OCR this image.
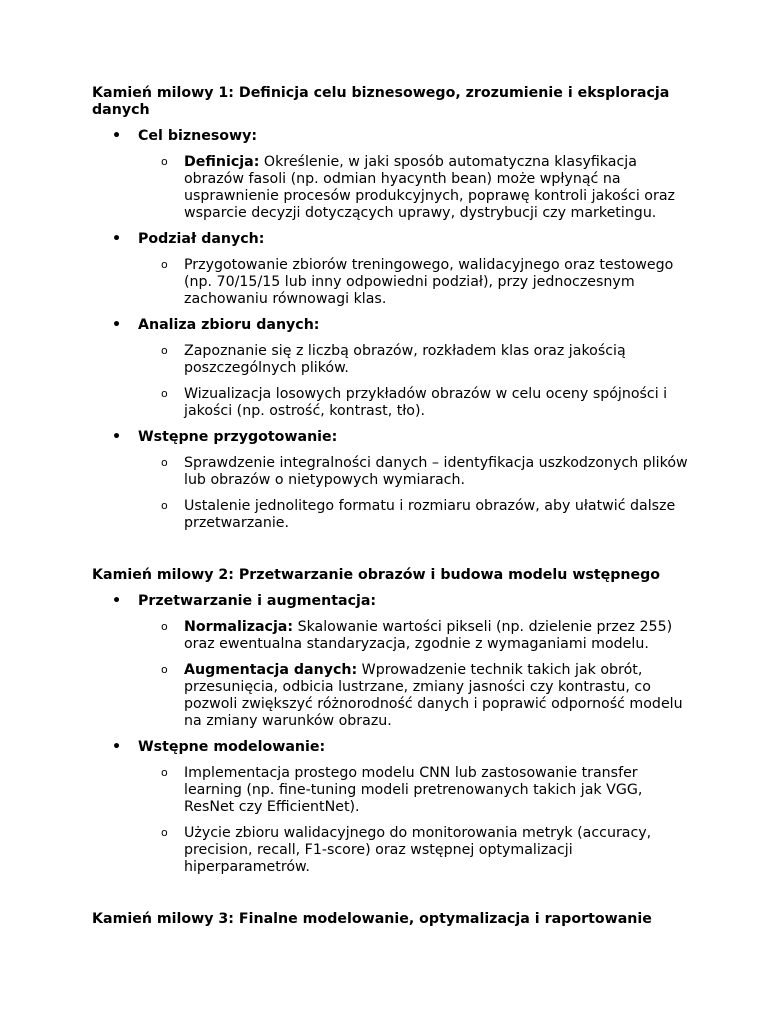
Kamień milowy 1: Definicja celu biznesowego, zrozumienie i eksploracja danych

• Cel biznesowy:
o Definicja: Określenie, w jaki sposób automatyczna klasyfikacja obrazów fasoli (np. odmian hyacynth bean) może wpłynąć na usprawnienie procesów produkcyjnych, poprawę kontroli jakości oraz wsparcie decyzji dotyczących uprawy, dystrybucji czy marketingu.
• Podział danych:
o Przygotowanie zbiorów treningowego, walidacyjnego oraz testowego (np. 70/15/15 lub inny odpowiedni podział), przy jednoczesnym zachowaniu równowagi klas.
• Analiza zbioru danych:
o Zapoznanie się z liczbą obrazów, rozkładem klas oraz jakością poszczególnych plików.
o Wizualizacja losowych przykładów obrazów w celu oceny spójności i jakości (np. ostrość, kontrast, tło).
• Wstępne przygotowanie:
o Sprawdzenie integralności danych – identyfikacja uszkodzonych plików lub obrazów o nietypowych wymiarach.
o Ustalenie jednolitego formatu i rozmiaru obrazów, aby ułatwić dalsze przetwarzanie.

Kamień milowy 2: Przetwarzanie obrazów i budowa modelu wstępnego

• Przetwarzanie i augmentacja:
o Normalizacja: Skalowanie wartości pikseli (np. dzielenie przez 255) oraz ewentualna standaryzacja, zgodnie z wymaganiami modelu.
o Augmentacja danych: Wprowadzenie technik takich jak obrót, przesunięcia, odbicia lustrzane, zmiany jasności czy kontrastu, co pozwoli zwiększyć różnorodność danych i poprawić odporność modelu na zmiany warunków obrazu.
• Wstępne modelowanie:
o Implementacja prostego modelu CNN lub zastosowanie transfer learning (np. fine-tuning modeli pretrenowanych takich jak VGG, ResNet czy EfficientNet).
o Użycie zbioru walidacyjnego do monitorowania metryk (accuracy, precision, recall, F1-score) oraz wstępnej optymalizacji hiperparametrów.

Kamień milowy 3: Finalne modelowanie, optymalizacja i raportowanie
